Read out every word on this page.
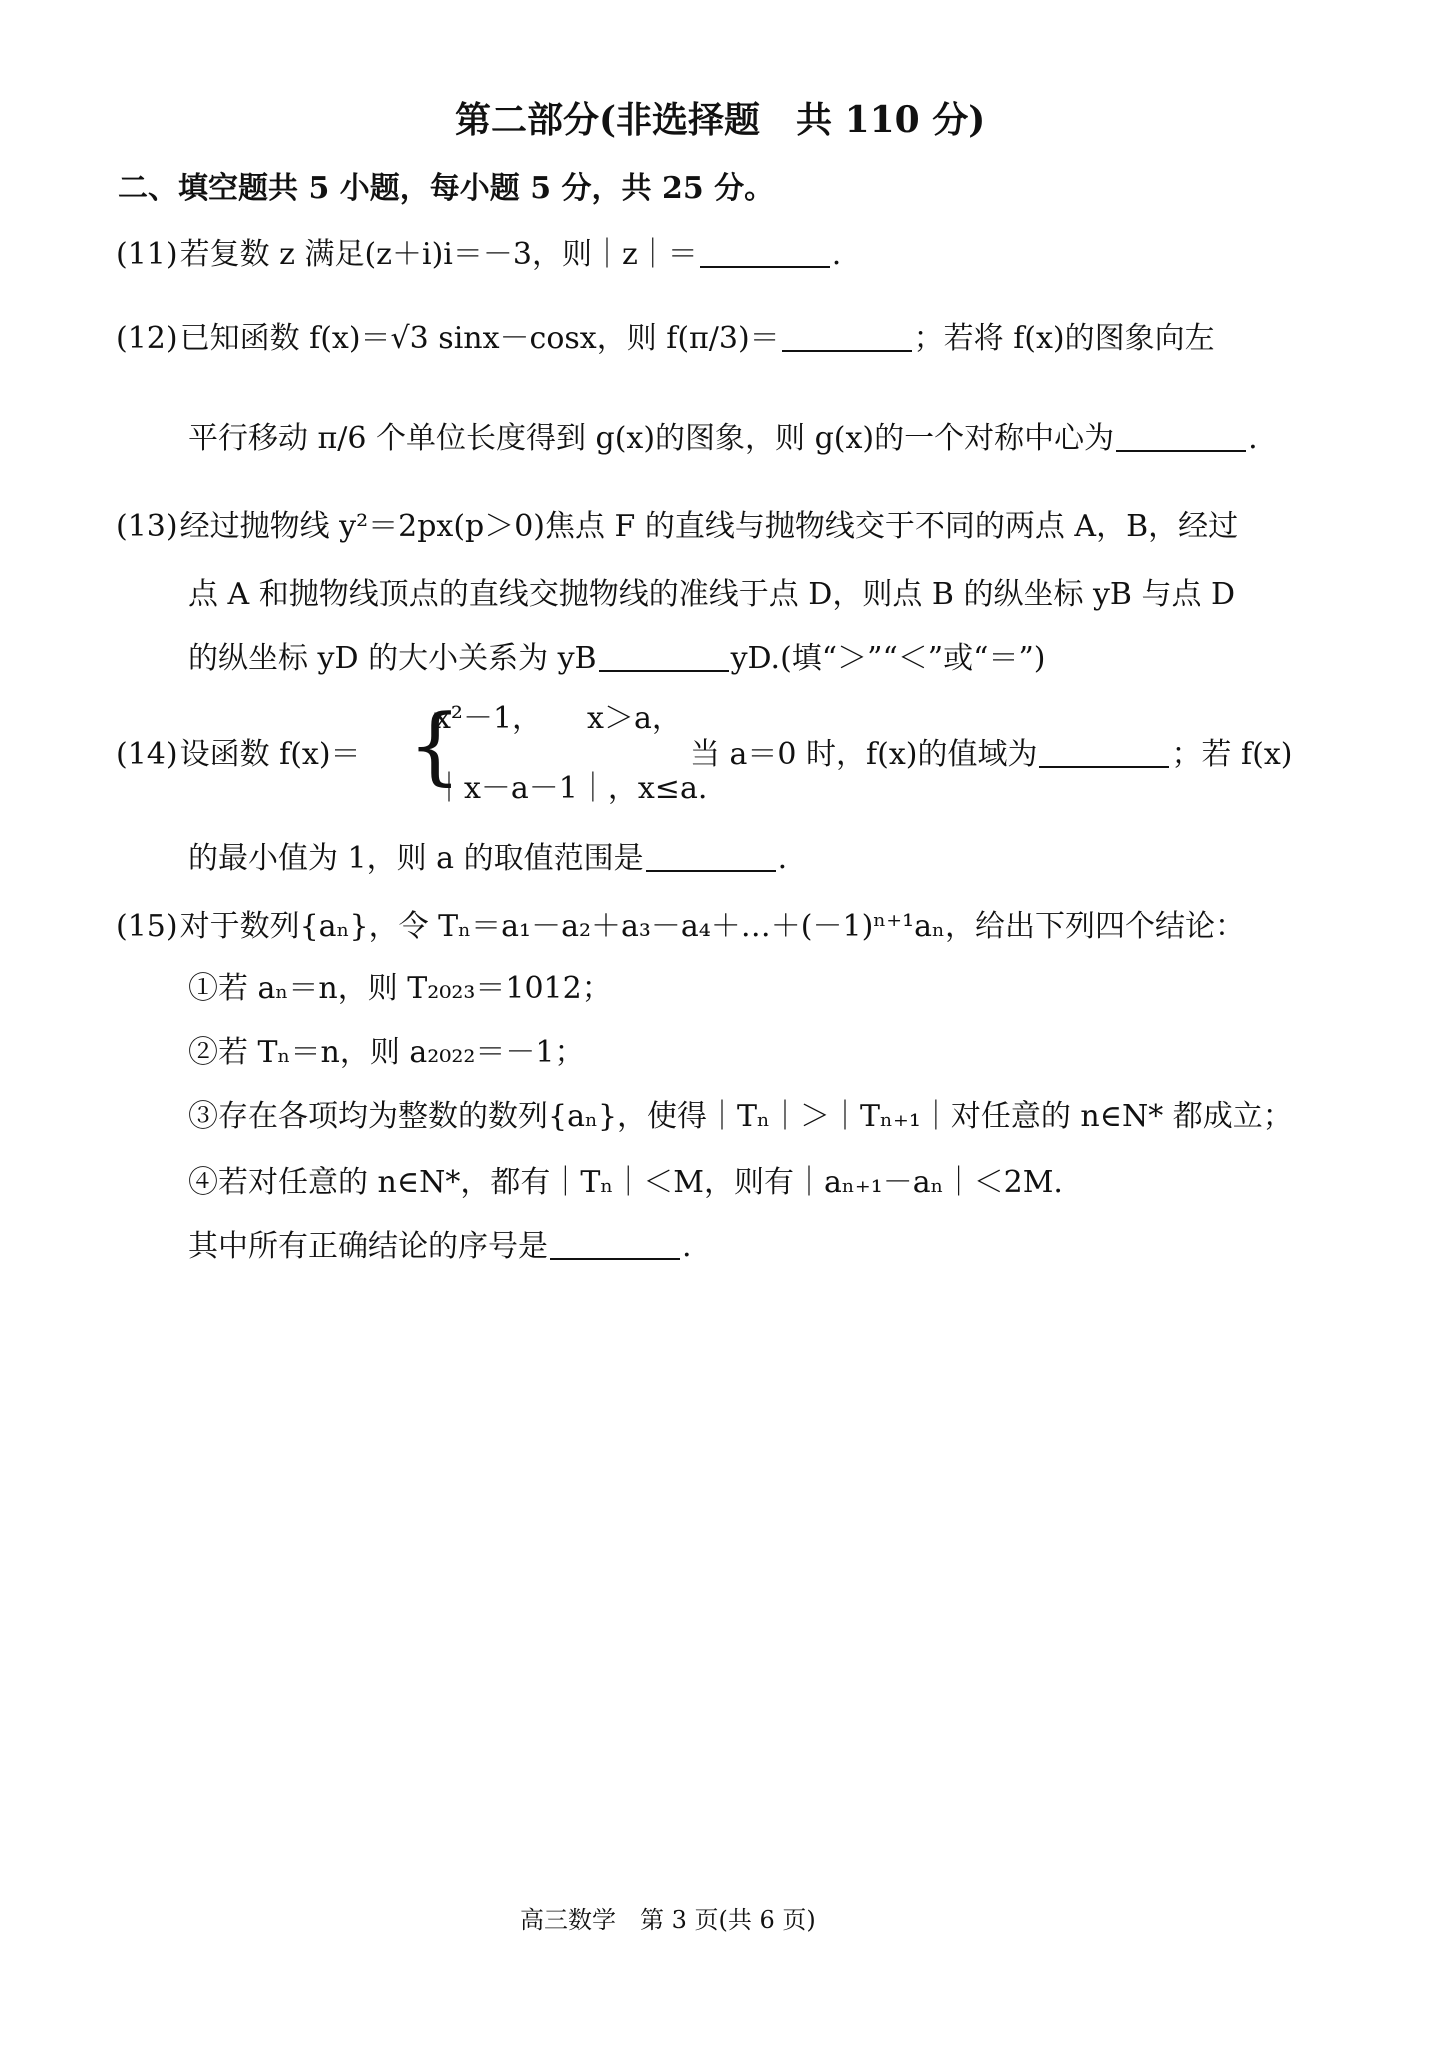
第二部分(非选择题　共 110 分)
二、填空题共 5 小题，每小题 5 分，共 25 分。
(11)若复数 z 满足(z＋i)i＝－3，则｜z｜＝	.
(12)已知函数 f(x)＝√3 sinx－cosx，则 f(π/3)＝	；若将 f(x)的图象向左
平行移动 π/6 个单位长度得到 g(x)的图象，则 g(x)的一个对称中心为	.
(13)经过抛物线 y²＝2px(p＞0)焦点 F 的直线与抛物线交于不同的两点 A，B，经过
点 A 和抛物线顶点的直线交抛物线的准线于点 D，则点 B 的纵坐标 yB 与点 D
的纵坐标 yD 的大小关系为 yB	yD.(填“＞”“＜”或“＝”)
(14)设函数 f(x)＝ {
x²－1，　　x＞a，
｜x－a－1｜，x≤a.
当 a＝0 时，f(x)的值域为	；若 f(x)
的最小值为 1，则 a 的取值范围是	.
(15)对于数列{aₙ}，令 Tₙ＝a₁－a₂＋a₃－a₄＋…＋(－1)ⁿ⁺¹aₙ，给出下列四个结论：
①若 aₙ＝n，则 T₂₀₂₃＝1012；
②若 Tₙ＝n，则 a₂₀₂₂＝－1；
③存在各项均为整数的数列{aₙ}，使得｜Tₙ｜＞｜Tₙ₊₁｜对任意的 n∈N* 都成立；
④若对任意的 n∈N*，都有｜Tₙ｜＜M，则有｜aₙ₊₁－aₙ｜＜2M.
其中所有正确结论的序号是	.
高三数学　第 3 页(共 6 页)
